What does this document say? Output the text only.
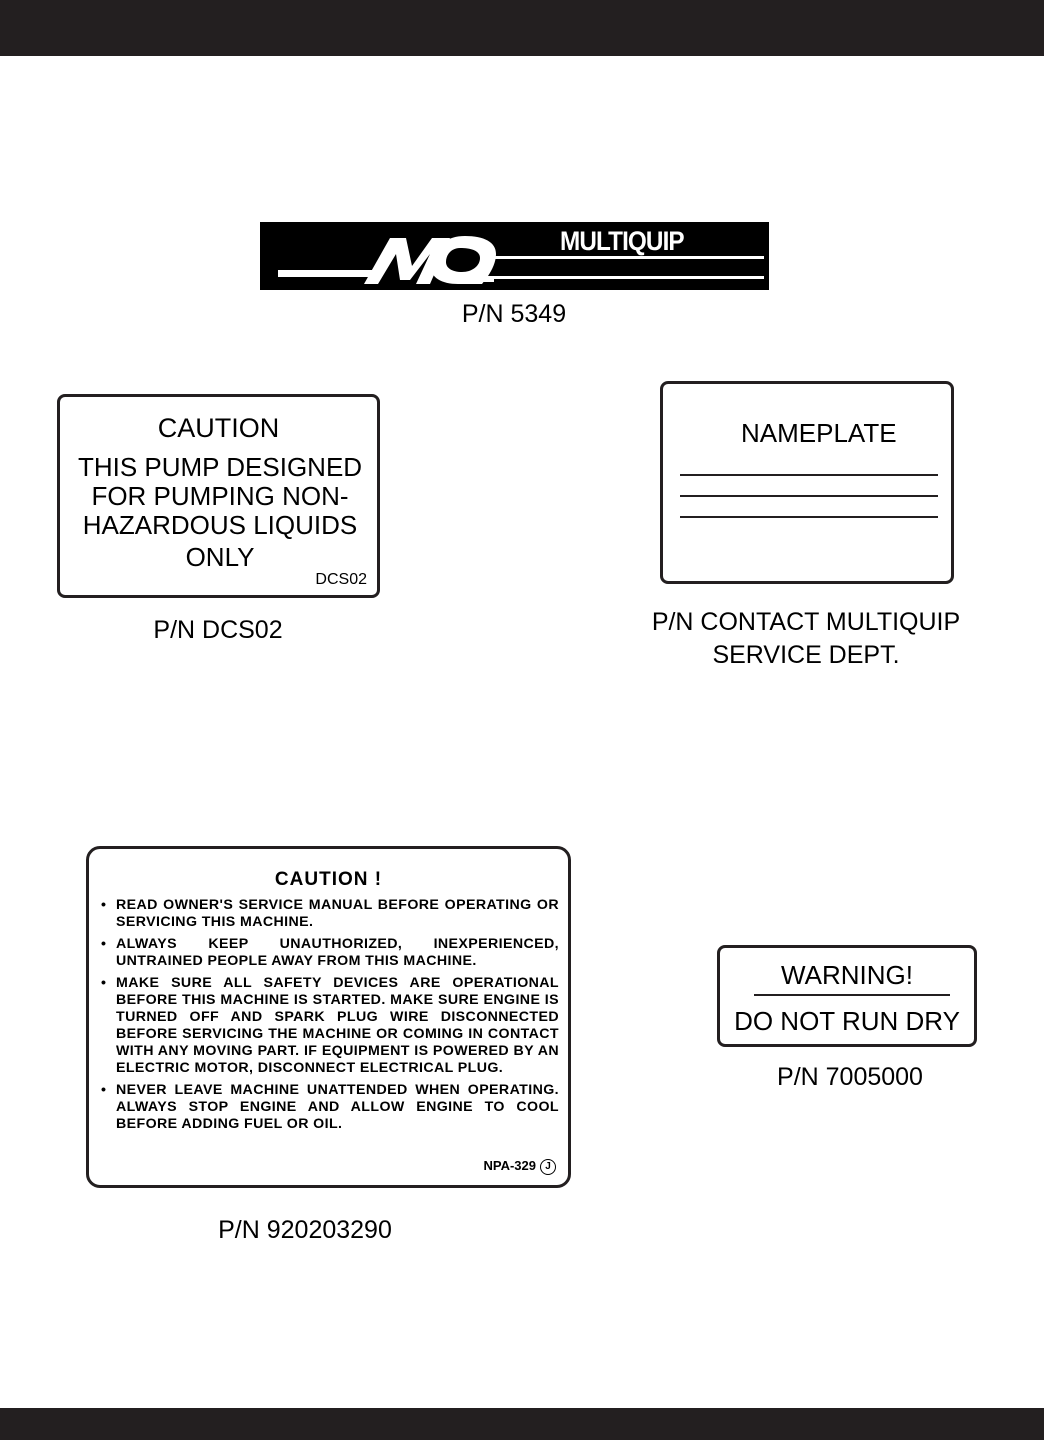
MULTIQUIP
P/N 5349
CAUTION
THIS PUMP DESIGNED
FOR PUMPING NON-
HAZARDOUS LIQUIDS
ONLY
DCS02
P/N DCS02
NAMEPLATE
P/N CONTACT MULTIQUIP
SERVICE DEPT.
CAUTION !
• READ OWNER'S SERVICE MANUAL BEFORE OPERATING OR SERVICING THIS MACHINE.
• ALWAYS KEEP UNAUTHORIZED, INEXPERIENCED, UNTRAINED PEOPLE AWAY FROM THIS MACHINE.
• MAKE SURE ALL SAFETY DEVICES ARE OPERATIONAL BEFORE THIS MACHINE IS STARTED. MAKE SURE ENGINE IS TURNED OFF AND SPARK PLUG WIRE DISCONNECTED BEFORE SERVICING THE MACHINE OR COMING IN CONTACT WITH ANY MOVING PART. IF EQUIPMENT IS POWERED BY AN ELECTRIC MOTOR, DISCONNECT ELECTRICAL PLUG.
• NEVER LEAVE MACHINE UNATTENDED WHEN OPERATING. ALWAYS STOP ENGINE AND ALLOW ENGINE TO COOL BEFORE ADDING FUEL OR OIL.
NPA-329 J
P/N 920203290
WARNING!
DO NOT RUN DRY
P/N 7005000
